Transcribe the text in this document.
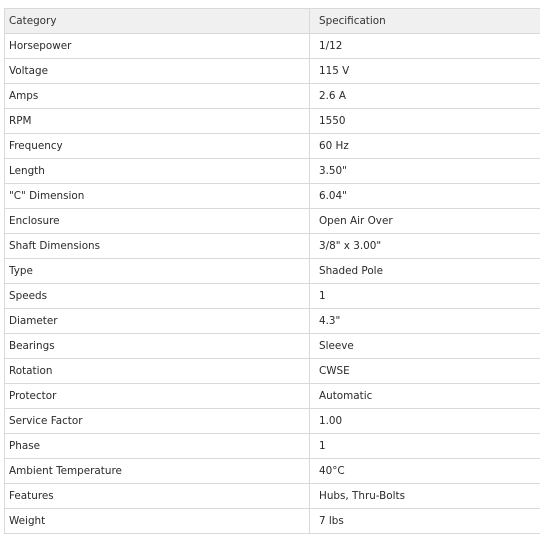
Category	Specification
Horsepower	1/12
Voltage	115 V
Amps	2.6 A
RPM	1550
Frequency	60 Hz
Length	3.50"
"C" Dimension	6.04"
Enclosure	Open Air Over
Shaft Dimensions	3/8" x 3.00"
Type	Shaded Pole
Speeds	1
Diameter	4.3"
Bearings	Sleeve
Rotation	CWSE
Protector	Automatic
Service Factor	1.00
Phase	1
Ambient Temperature	40°C
Features	Hubs, Thru-Bolts
Weight	7 lbs
